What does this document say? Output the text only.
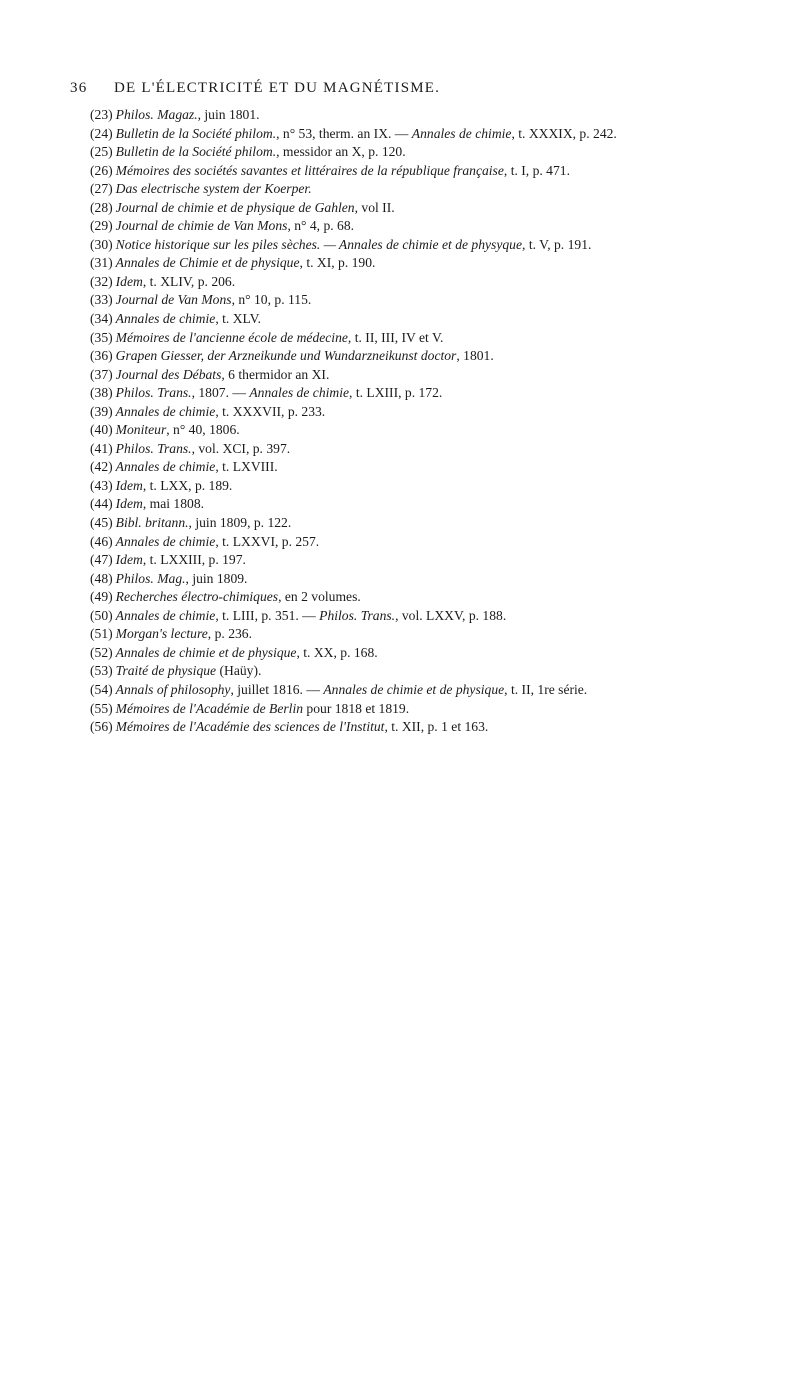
36 DE L'ÉLECTRICITÉ ET DU MAGNÉTISME.
(23) Philos. Magaz., juin 1801.
(24) Bulletin de la Société philom., n° 53, therm. an IX. — Annales de chimie, t. XXXIX, p. 242.
(25) Bulletin de la Société philom., messidor an X, p. 120.
(26) Mémoires des sociétés savantes et littéraires de la république française, t. I, p. 471.
(27) Das electrische system der Koerper.
(28) Journal de chimie et de physique de Gahlen, vol II.
(29) Journal de chimie de Van Mons, n° 4, p. 68.
(30) Notice historique sur les piles sèches. — Annales de chimie et de physyque, t. V, p. 191.
(31) Annales de Chimie et de physique, t. XI, p. 190.
(32) Idem, t. XLIV, p. 206.
(33) Journal de Van Mons, n° 10, p. 115.
(34) Annales de chimie, t. XLV.
(35) Mémoires de l'ancienne école de médecine, t. II, III, IV et V.
(36) Grapen Giesser, der Arzneikunde und Wundarzneikunst doctor, 1801.
(37) Journal des Débats, 6 thermidor an XI.
(38) Philos. Trans., 1807. — Annales de chimie, t. LXIII, p. 172.
(39) Annales de chimie, t. XXXVII, p. 233.
(40) Moniteur, n° 40, 1806.
(41) Philos. Trans., vol. XCI, p. 397.
(42) Annales de chimie, t. LXVIII.
(43) Idem, t. LXX, p. 189.
(44) Idem, mai 1808.
(45) Bibl. britann., juin 1809, p. 122.
(46) Annales de chimie, t. LXXVI, p. 257.
(47) Idem, t. LXXIII, p. 197.
(48) Philos. Mag., juin 1809.
(49) Recherches électro-chimiques, en 2 volumes.
(50) Annales de chimie, t. LIII, p. 351. — Philos. Trans., vol. LXXV, p. 188.
(51) Morgan's lecture, p. 236.
(52) Annales de chimie et de physique, t. XX, p. 168.
(53) Traité de physique (Haüy).
(54) Annals of philosophy, juillet 1816. — Annales de chimie et de physique, t. II, 1re série.
(55) Mémoires de l'Académie de Berlin pour 1818 et 1819.
(56) Mémoires de l'Académie des sciences de l'Institut, t. XII, p. 1 et 163.
